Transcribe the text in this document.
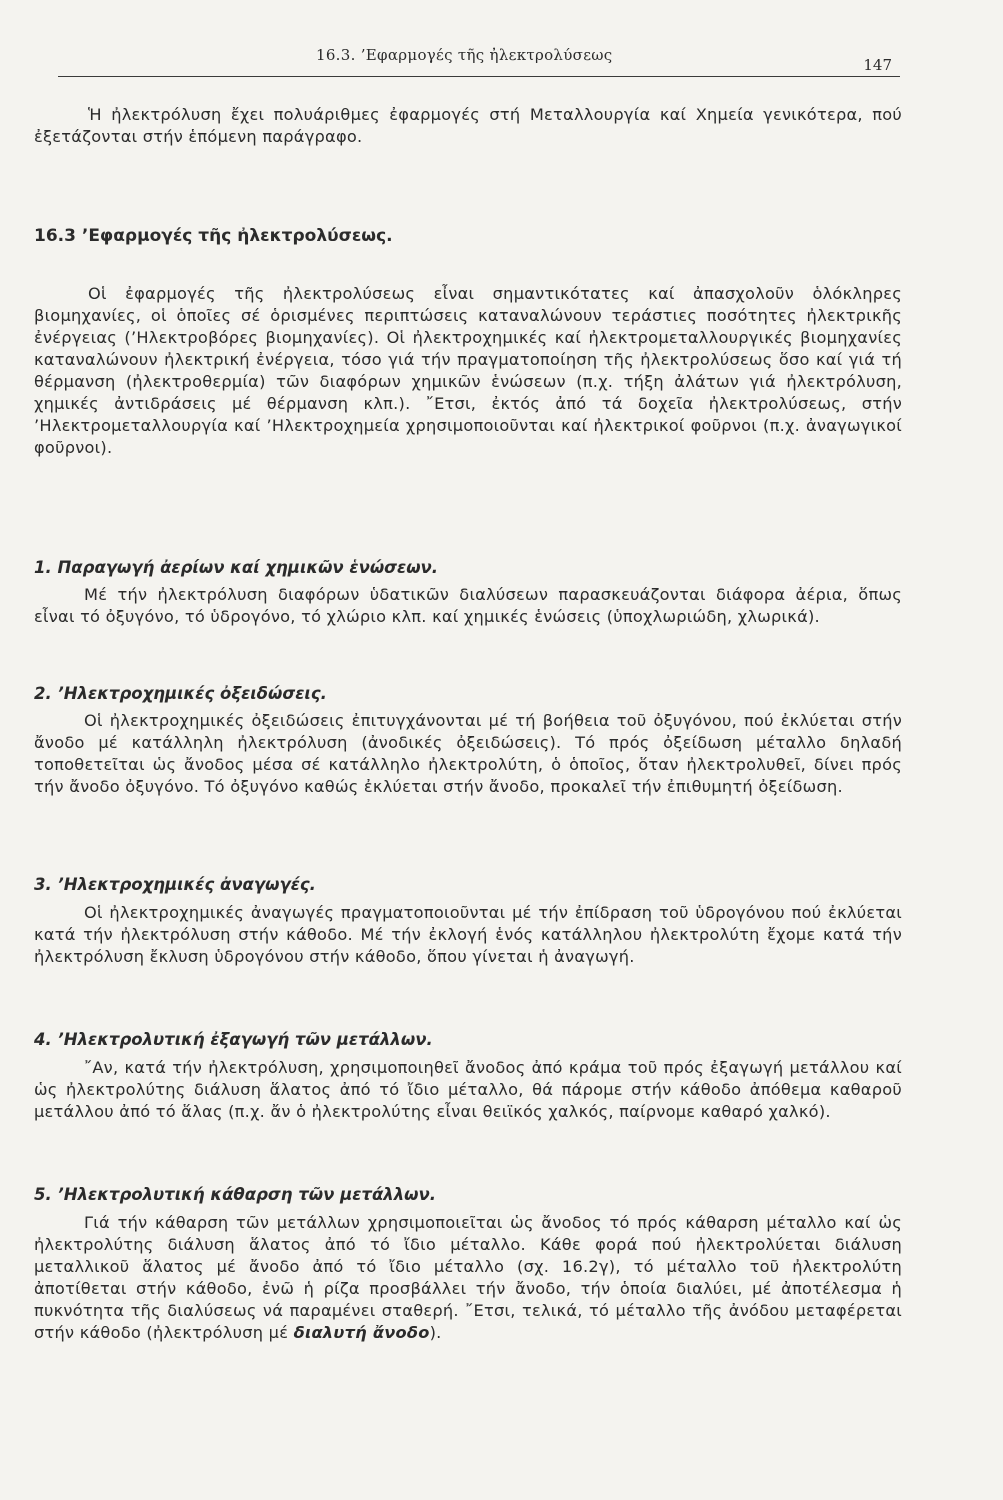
16.3. ’Εφαρμογές τῆς ἠλεκτρολύσεως
147

Ἡ ἠλεκτρόλυση ἔχει πολυάριθμες ἐφαρμογές στή Μεταλλουργία καί Χημεία γενικότερα, πού ἐξετάζονται στήν ἑπόμενη παράγραφο.

16.3 ’Εφαρμογές τῆς ἠλεκτρολύσεως.

Οἱ ἐφαρμογές τῆς ἠλεκτρολύσεως εἶναι σημαντικότατες καί ἀπασχολοῦν ὁλόκληρες βιομηχανίες, οἱ ὁποῖες σέ ὁρισμένες περιπτώσεις καταναλώνουν τεράστιες ποσότητες ἠλεκτρικῆς ἐνέργειας (’Ηλεκτροβόρες βιομηχανίες). Οἱ ἠλεκτροχημικές καί ἠλεκτρομεταλλουργικές βιομηχανίες καταναλώνουν ἠλεκτρική ἐνέργεια, τόσο γιά τήν πραγματοποίηση τῆς ἠλεκτρολύσεως ὅσο καί γιά τή θέρμανση (ἠλεκτροθερμία) τῶν διαφόρων χημικῶν ἑνώσεων (π.χ. τήξη ἀλάτων γιά ἠλεκτρόλυση, χημικές ἀντιδράσεις μέ θέρμανση κλπ.). ῎Ετσι, ἐκτός ἀπό τά δοχεῖα ἠλεκτρολύσεως, στήν ’Ηλεκτρομεταλλουργία καί ’Ηλεκτροχημεία χρησιμοποιοῦνται καί ἠλεκτρικοί φοῦρνοι (π.χ. ἀναγωγικοί φοῦρνοι).

1. Παραγωγή ἀερίων καί χημικῶν ἑνώσεων.

Μέ τήν ἠλεκτρόλυση διαφόρων ὑδατικῶν διαλύσεων παρασκευάζονται διάφορα ἀέρια, ὅπως εἶναι τό ὀξυγόνο, τό ὑδρογόνο, τό χλώριο κλπ. καί χημικές ἑνώσεις (ὑποχλωριώδη, χλωρικά).

2. ’Ηλεκτροχημικές ὀξειδώσεις.

Οἱ ἠλεκτροχημικές ὀξειδώσεις ἐπιτυγχάνονται μέ τή βοήθεια τοῦ ὀξυγόνου, πού ἐκλύεται στήν ἄνοδο μέ κατάλληλη ἠλεκτρόλυση (ἀνοδικές ὀξειδώσεις). Τό πρός ὀξείδωση μέταλλο δηλαδή τοποθετεῖται ὡς ἄνοδος μέσα σέ κατάλληλο ἠλεκτρολύτη, ὁ ὁποῖος, ὅταν ἠλεκτρολυθεῖ, δίνει πρός τήν ἄνοδο ὀξυγόνο. Τό ὀξυγόνο καθώς ἐκλύεται στήν ἄνοδο, προκαλεῖ τήν ἐπιθυμητή ὀξείδωση.

3. ’Ηλεκτροχημικές ἀναγωγές.

Οἱ ἠλεκτροχημικές ἀναγωγές πραγματοποιοῦνται μέ τήν ἐπίδραση τοῦ ὑδρογόνου πού ἐκλύεται κατά τήν ἠλεκτρόλυση στήν κάθοδο. Μέ τήν ἐκλογή ἑνός κατάλληλου ἠλεκτρολύτη ἔχομε κατά τήν ἠλεκτρόλυση ἔκλυση ὑδρογόνου στήν κάθοδο, ὅπου γίνεται ἡ ἀναγωγή.

4. ’Ηλεκτρολυτική ἐξαγωγή τῶν μετάλλων.

῎Αν, κατά τήν ἠλεκτρόλυση, χρησιμοποιηθεῖ ἄνοδος ἀπό κράμα τοῦ πρός ἐξαγωγή μετάλλου καί ὡς ἠλεκτρολύτης διάλυση ἅλατος ἀπό τό ἴδιο μέταλλο, θά πάρομε στήν κάθοδο ἀπόθεμα καθαροῦ μετάλλου ἀπό τό ἅλας (π.χ. ἄν ὁ ἠλεκτρολύτης εἶναι θειϊκός χαλκός, παίρνομε καθαρό χαλκό).

5. ’Ηλεκτρολυτική κάθαρση τῶν μετάλλων.

Γιά τήν κάθαρση τῶν μετάλλων χρησιμοποιεῖται ὡς ἄνοδος τό πρός κάθαρση μέταλλο καί ὡς ἠλεκτρολύτης διάλυση ἅλατος ἀπό τό ἴδιο μέταλλο. Κάθε φορά πού ἠλεκτρολύεται διάλυση μεταλλικοῦ ἅλατος μέ ἄνοδο ἀπό τό ἴδιο μέταλλο (σχ. 16.2γ), τό μέταλλο τοῦ ἠλεκτρολύτη ἀποτίθεται στήν κάθοδο, ἐνῶ ἡ ρίζα προσβάλλει τήν ἄνοδο, τήν ὁποία διαλύει, μέ ἀποτέλεσμα ἡ πυκνότητα τῆς διαλύσεως νά παραμένει σταθερή. ῎Ετσι, τελικά, τό μέταλλο τῆς ἀνόδου μεταφέρεται στήν κάθοδο (ἠλεκτρόλυση μέ διαλυτή ἄνοδο).
